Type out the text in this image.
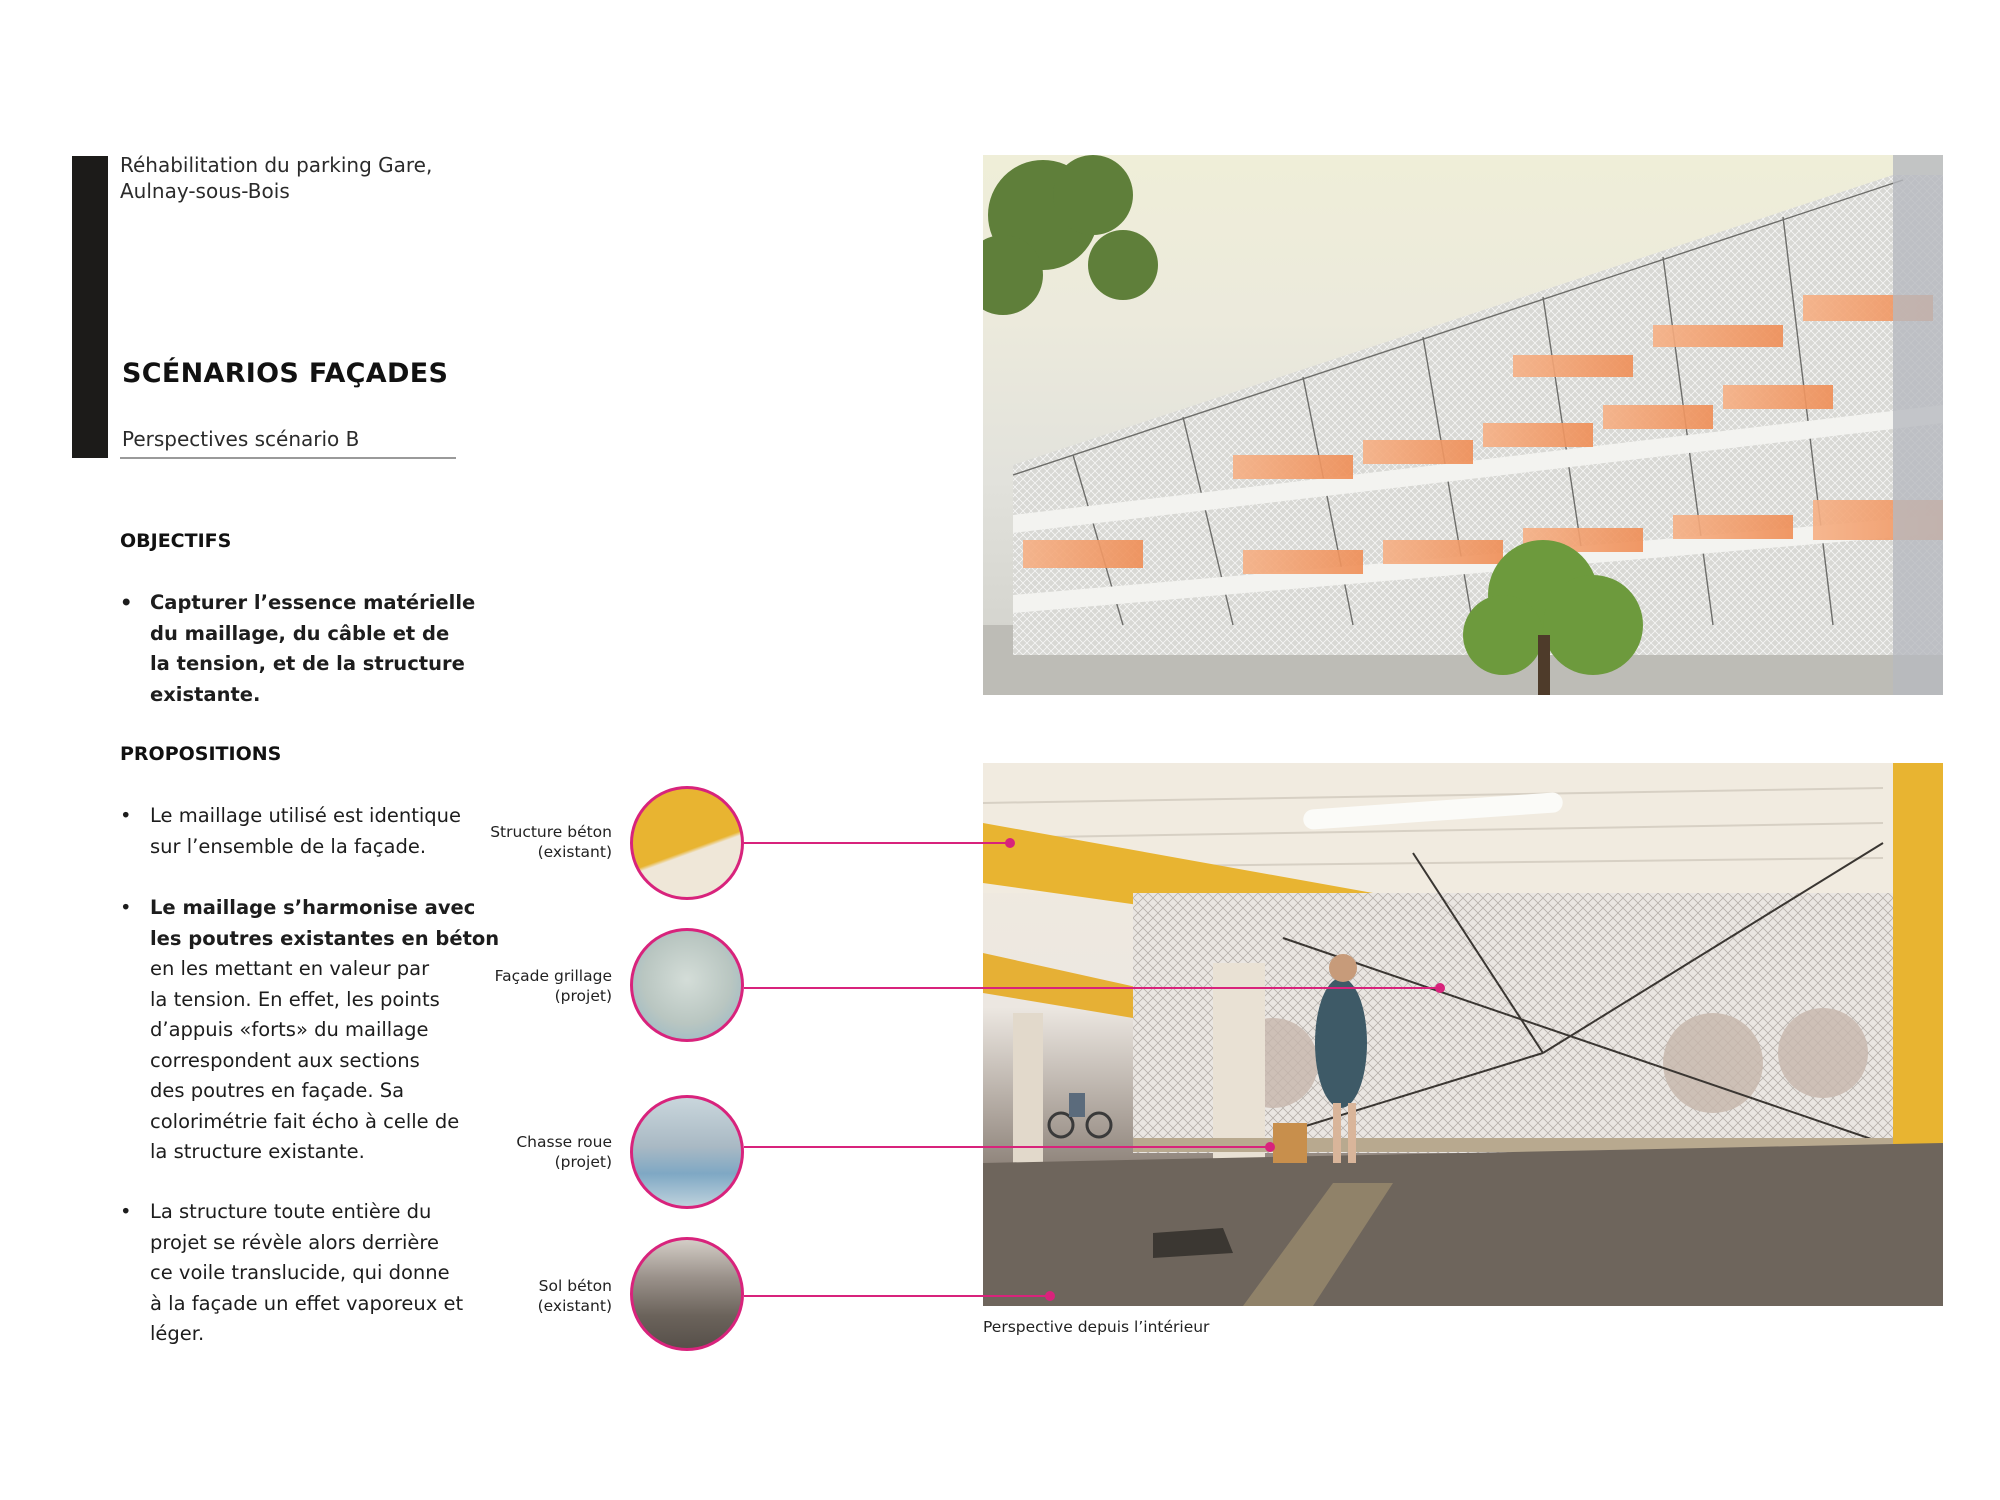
Réhabilitation du parking Gare,
Aulnay-sous-Bois
SCÉNARIOS FAÇADES
Perspectives scénario B
OBJECTIFS
• Capturer l’essence matérielle
du maillage, du câble et de
la tension, et de la structure
existante.
PROPOSITIONS
• Le maillage utilisé est identique
sur l’ensemble de la façade.
• Le maillage s’harmonise avec
les poutres existantes en béton
en les mettant en valeur par
la tension. En effet, les points
d’appuis «forts» du maillage
correspondent aux sections
des poutres en façade. Sa
colorimétrie fait écho à celle de
la structure existante.
• La structure toute entière du
projet se révèle alors derrière
ce voile translucide, qui donne
à la façade un effet vaporeux et
léger.
Structure béton
(existant)
Façade grillage
(projet)
Chasse roue
(projet)
Sol béton
(existant)
Perspective depuis l’intérieur
